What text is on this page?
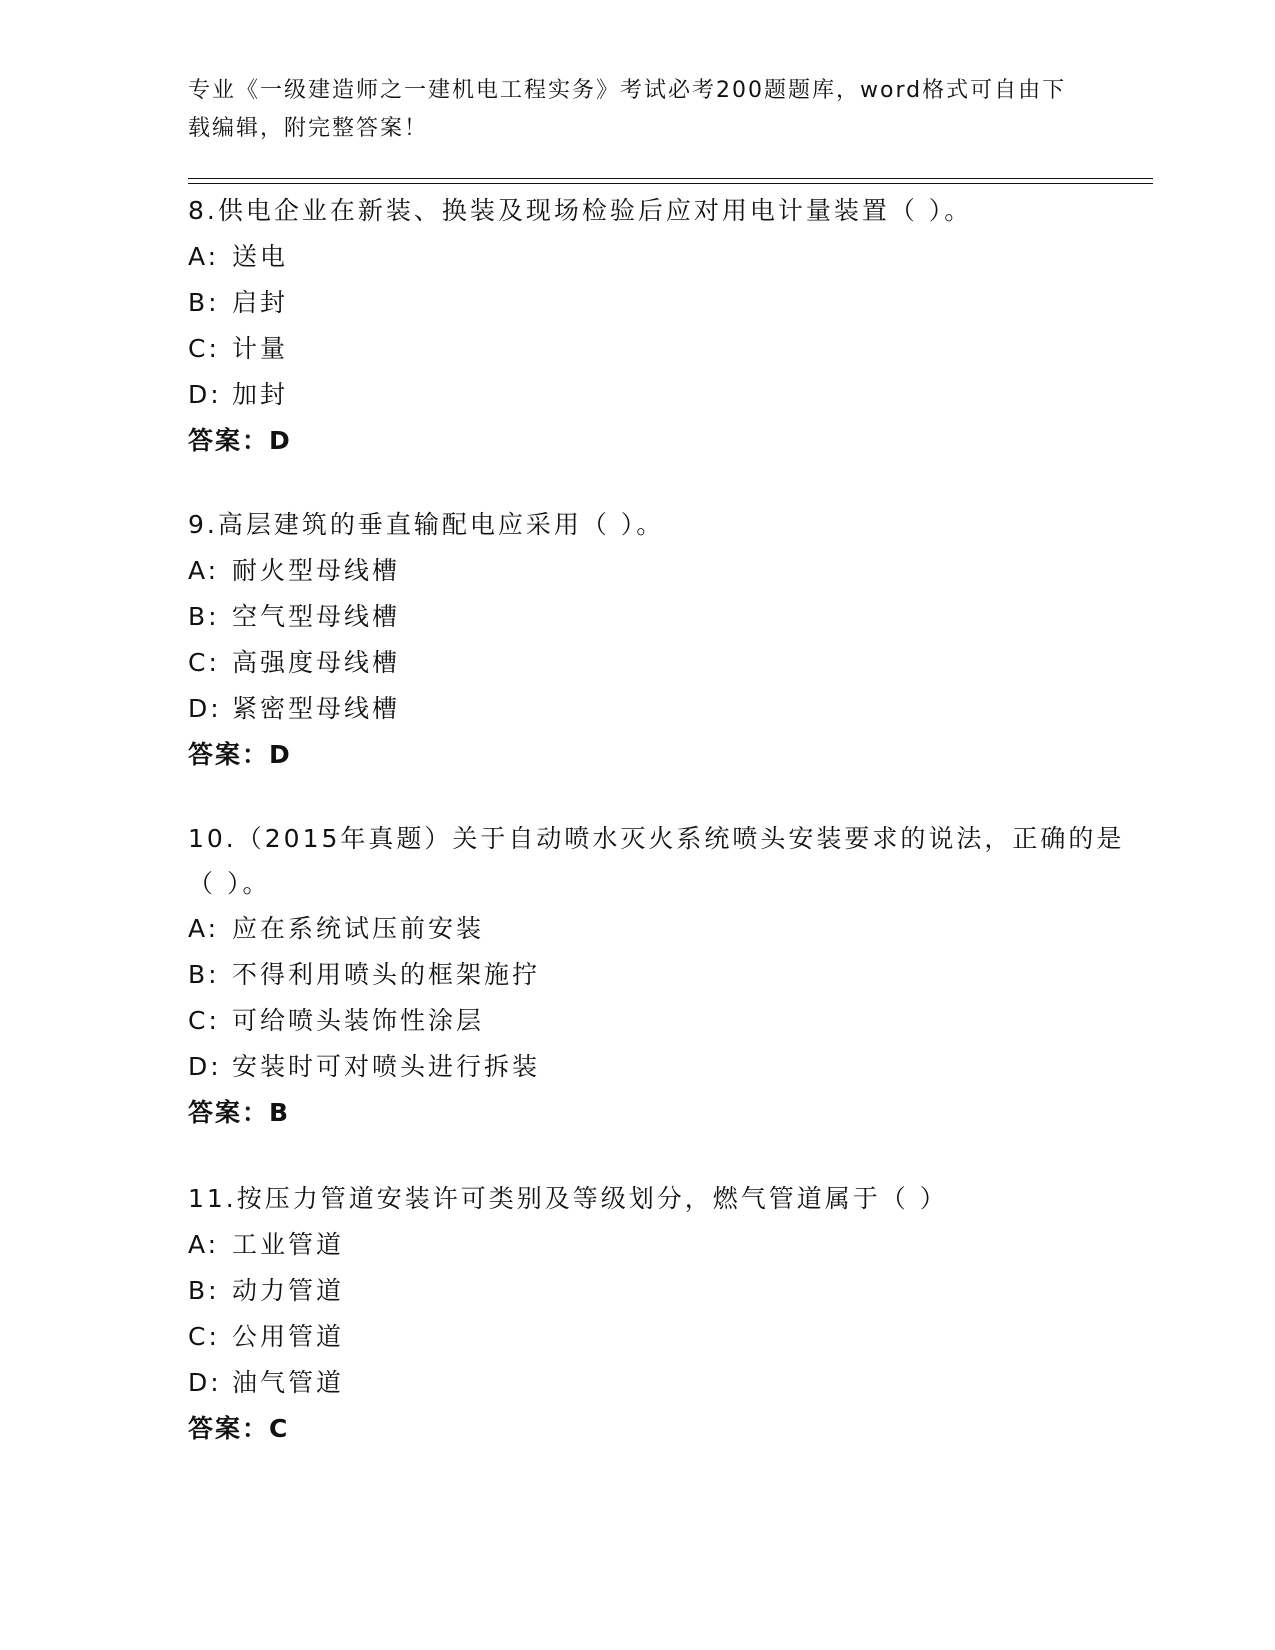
专业《一级建造师之一建机电工程实务》考试必考200题题库，word格式可自由下载编辑，附完整答案！
8.供电企业在新装、换装及现场检验后应对用电计量装置（ ）。
A: 送电
B: 启封
C: 计量
D: 加封
答案：D
9.高层建筑的垂直输配电应采用（ ）。
A: 耐火型母线槽
B: 空气型母线槽
C: 高强度母线槽
D: 紧密型母线槽
答案：D
10.（2015年真题）关于自动喷水灭火系统喷头安装要求的说法，正确的是（ ）。
A: 应在系统试压前安装
B: 不得利用喷头的框架施拧
C: 可给喷头装饰性涂层
D: 安装时可对喷头进行拆装
答案：B
11.按压力管道安装许可类别及等级划分，燃气管道属于（ ）
A: 工业管道
B: 动力管道
C: 公用管道
D: 油气管道
答案：C
